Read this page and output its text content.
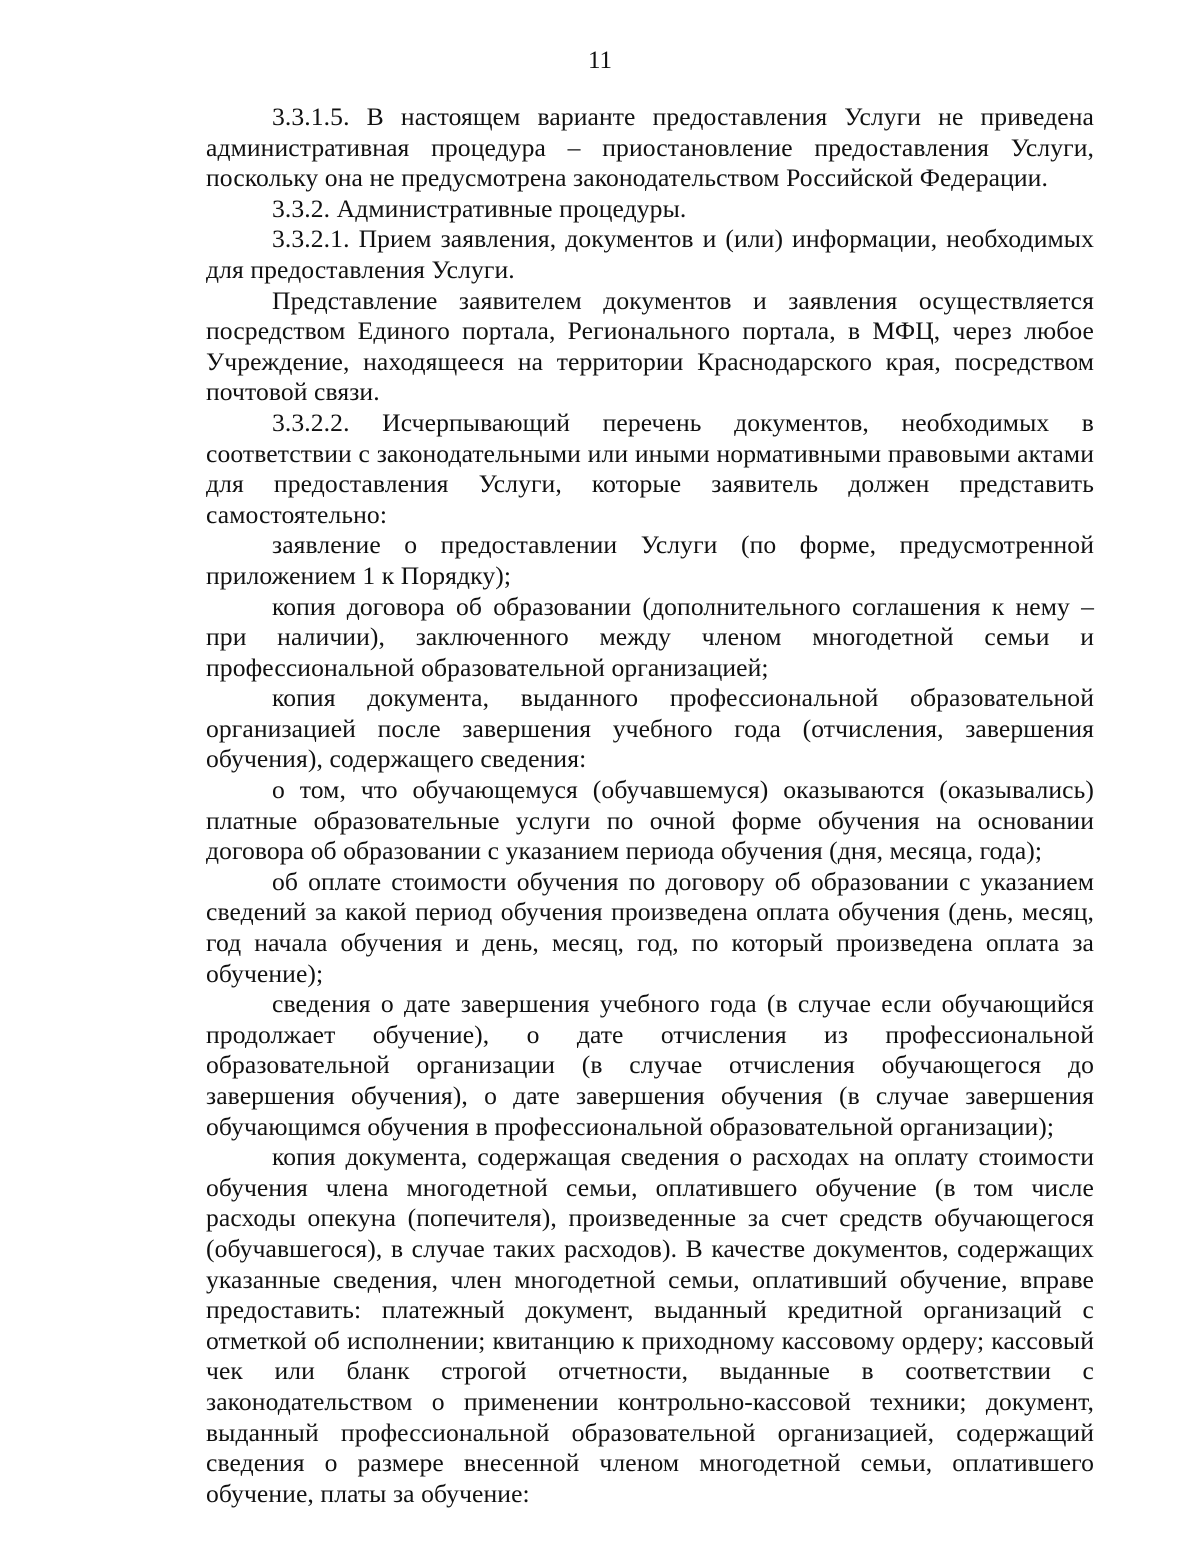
11

3.3.1.5. В настоящем варианте предоставления Услуги не приведена административная процедура – приостановление предоставления Услуги, поскольку она не предусмотрена законодательством Российской Федерации.

3.3.2. Административные процедуры.

3.3.2.1. Прием заявления, документов и (или) информации, необходимых для предоставления Услуги.

Представление заявителем документов и заявления осуществляется посредством Единого портала, Регионального портала, в МФЦ, через любое Учреждение, находящееся на территории Краснодарского края, посредством почтовой связи.

3.3.2.2. Исчерпывающий перечень документов, необходимых в соответствии с законодательными или иными нормативными правовыми актами для предоставления Услуги, которые заявитель должен представить самостоятельно:

заявление о предоставлении Услуги (по форме, предусмотренной приложением 1 к Порядку);

копия договора об образовании (дополнительного соглашения к нему – при наличии), заключенного между членом многодетной семьи и профессиональной образовательной организацией;

копия документа, выданного профессиональной образовательной организацией после завершения учебного года (отчисления, завершения обучения), содержащего сведения:

о том, что обучающемуся (обучавшемуся) оказываются (оказывались) платные образовательные услуги по очной форме обучения на основании договора об образовании с указанием периода обучения (дня, месяца, года);

об оплате стоимости обучения по договору об образовании с указанием сведений за какой период обучения произведена оплата обучения (день, месяц, год начала обучения и день, месяц, год, по который произведена оплата за обучение);

сведения о дате завершения учебного года (в случае если обучающийся продолжает обучение), о дате отчисления из профессиональной образовательной организации (в случае отчисления обучающегося до завершения обучения), о дате завершения обучения (в случае завершения обучающимся обучения в профессиональной образовательной организации);

копия документа, содержащая сведения о расходах на оплату стоимости обучения члена многодетной семьи, оплатившего обучение (в том числе расходы опекуна (попечителя), произведенные за счет средств обучающегося (обучавшегося), в случае таких расходов). В качестве документов, содержащих указанные сведения, член многодетной семьи, оплативший обучение, вправе предоставить: платежный документ, выданный кредитной организаций с отметкой об исполнении; квитанцию к приходному кассовому ордеру; кассовый чек или бланк строгой отчетности, выданные в соответствии с законодательством о применении контрольно-кассовой техники; документ, выданный профессиональной образовательной организацией, содержащий сведения о размере внесенной членом многодетной семьи, оплатившего обучение, платы за обучение:
